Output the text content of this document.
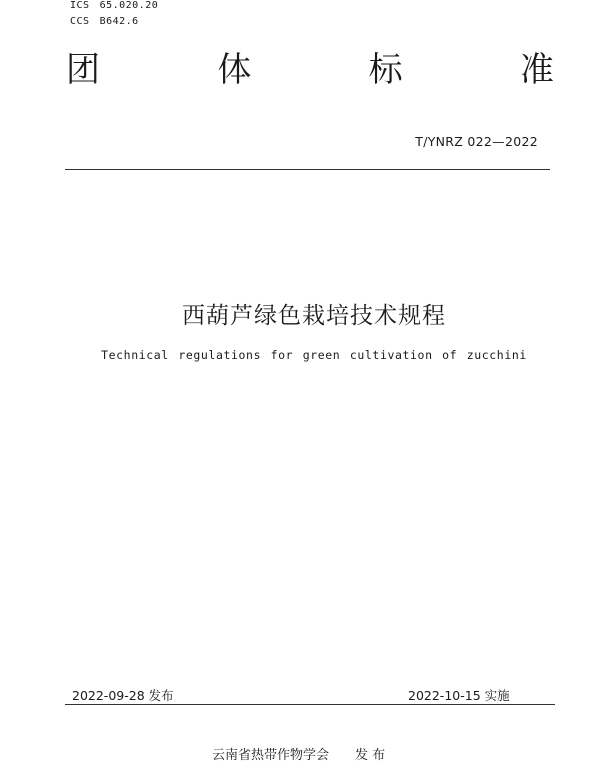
ICS 65.020.20
CCS B642.6
团	体	标	准
T/YNRZ 022—2022
西葫芦绿色栽培技术规程
Technical regulations for green cultivation of zucchini
2022-09-28 发布	2022-10-15 实施
云南省热带作物学会 发 布
